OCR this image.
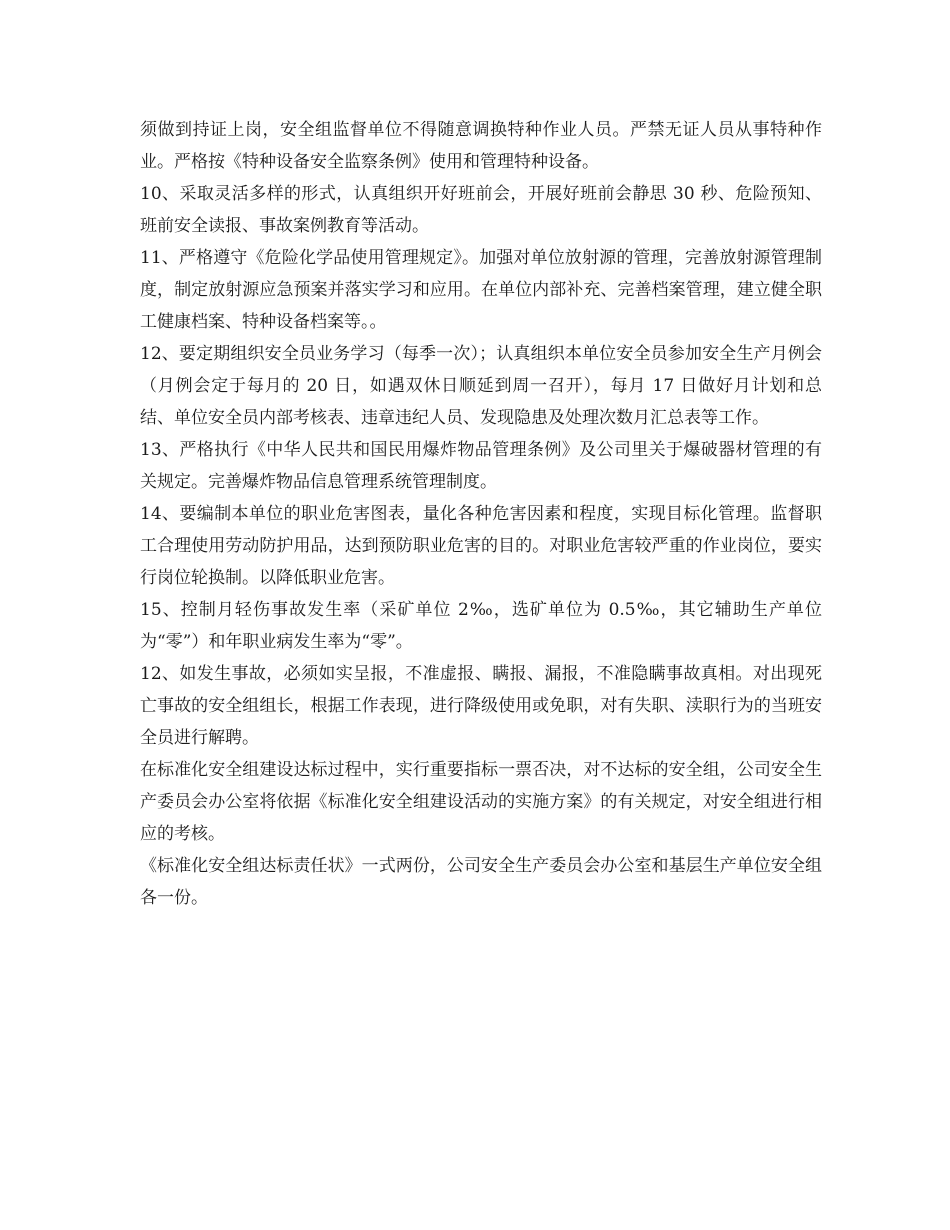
须做到持证上岗，安全组监督单位不得随意调换特种作业人员。严禁无证人员从事特种作业。严格按《特种设备安全监察条例》使用和管理特种设备。

10、采取灵活多样的形式，认真组织开好班前会，开展好班前会静思 30 秒、危险预知、班前安全读报、事故案例教育等活动。

11、严格遵守《危险化学品使用管理规定》。加强对单位放射源的管理，完善放射源管理制度，制定放射源应急预案并落实学习和应用。在单位内部补充、完善档案管理，建立健全职工健康档案、特种设备档案等。。

12、要定期组织安全员业务学习（每季一次）；认真组织本单位安全员参加安全生产月例会（月例会定于每月的 20 日，如遇双休日顺延到周一召开），每月 17 日做好月计划和总结、单位安全员内部考核表、违章违纪人员、发现隐患及处理次数月汇总表等工作。

13、严格执行《中华人民共和国民用爆炸物品管理条例》及公司里关于爆破器材管理的有关规定。完善爆炸物品信息管理系统管理制度。

14、要编制本单位的职业危害图表，量化各种危害因素和程度，实现目标化管理。监督职工合理使用劳动防护用品，达到预防职业危害的目的。对职业危害较严重的作业岗位，要实行岗位轮换制。以降低职业危害。

15、控制月轻伤事故发生率（采矿单位 2‰，选矿单位为 0.5‰，其它辅助生产单位为“零”）和年职业病发生率为“零”。

12、如发生事故，必须如实呈报，不准虚报、瞒报、漏报，不准隐瞒事故真相。对出现死亡事故的安全组组长，根据工作表现，进行降级使用或免职，对有失职、渎职行为的当班安全员进行解聘。

在标准化安全组建设达标过程中，实行重要指标一票否决，对不达标的安全组，公司安全生产委员会办公室将依据《标准化安全组建设活动的实施方案》的有关规定，对安全组进行相应的考核。

《标准化安全组达标责任状》一式两份，公司安全生产委员会办公室和基层生产单位安全组各一份。
